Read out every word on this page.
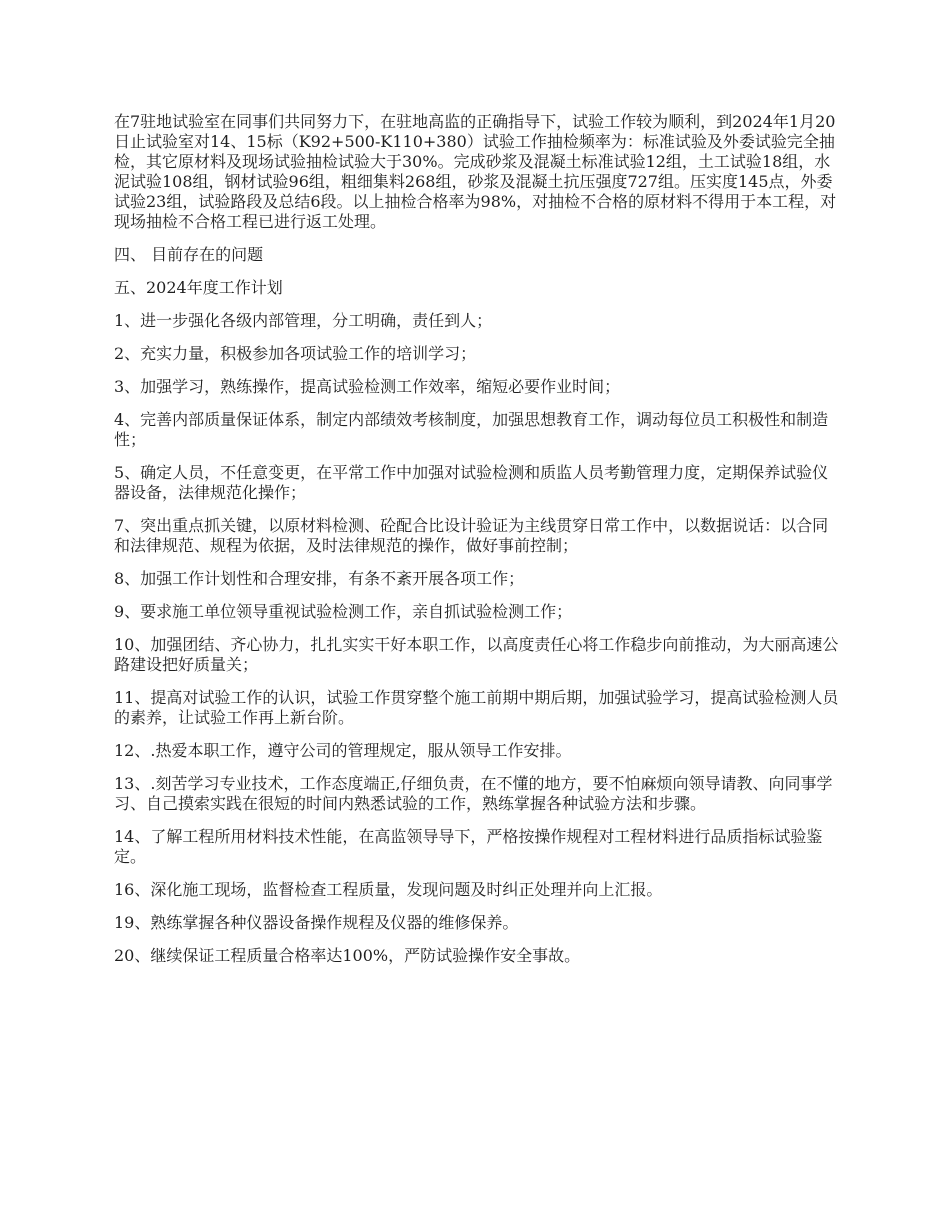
在7驻地试验室在同事们共同努力下，在驻地高监的正确指导下，试验工作较为顺利，到2024年1月20日止试验室对14、15标（K92+500-K110+380）试验工作抽检频率为：标准试验及外委试验完全抽检，其它原材料及现场试验抽检试验大于30%。完成砂浆及混凝土标准试验12组，土工试验18组，水泥试验108组，钢材试验96组，粗细集料268组，砂浆及混凝土抗压强度727组。压实度145点，外委试验23组，试验路段及总结6段。以上抽检合格率为98%，对抽检不合格的原材料不得用于本工程，对现场抽检不合格工程已进行返工处理。

四、 目前存在的问题

五、2024年度工作计划

1、进一步强化各级内部管理，分工明确，责任到人；

2、充实力量，积极参加各项试验工作的培训学习；

3、加强学习，熟练操作，提高试验检测工作效率，缩短必要作业时间；

4、完善内部质量保证体系，制定内部绩效考核制度，加强思想教育工作，调动每位员工积极性和制造性；

5、确定人员，不任意变更，在平常工作中加强对试验检测和质监人员考勤管理力度，定期保养试验仪器设备，法律规范化操作；

7、突出重点抓关键，以原材料检测、砼配合比设计验证为主线贯穿日常工作中，以数据说话：以合同和法律规范、规程为依据，及时法律规范的操作，做好事前控制；

8、加强工作计划性和合理安排，有条不紊开展各项工作；

9、要求施工单位领导重视试验检测工作，亲自抓试验检测工作；

10、加强团结、齐心协力，扎扎实实干好本职工作，以高度责任心将工作稳步向前推动，为大丽高速公路建设把好质量关；

11、提高对试验工作的认识，试验工作贯穿整个施工前期中期后期，加强试验学习，提高试验检测人员的素养，让试验工作再上新台阶。

12、.热爱本职工作，遵守公司的管理规定，服从领导工作安排。

13、.刻苦学习专业技术，工作态度端正,仔细负责，在不懂的地方，要不怕麻烦向领导请教、向同事学习、自己摸索实践在很短的时间内熟悉试验的工作，熟练掌握各种试验方法和步骤。

14、了解工程所用材料技术性能，在高监领导导下，严格按操作规程对工程材料进行品质指标试验鉴定。

16、深化施工现场，监督检查工程质量，发现问题及时纠正处理并向上汇报。

19、熟练掌握各种仪器设备操作规程及仪器的维修保养。

20、继续保证工程质量合格率达100%，严防试验操作安全事故。
